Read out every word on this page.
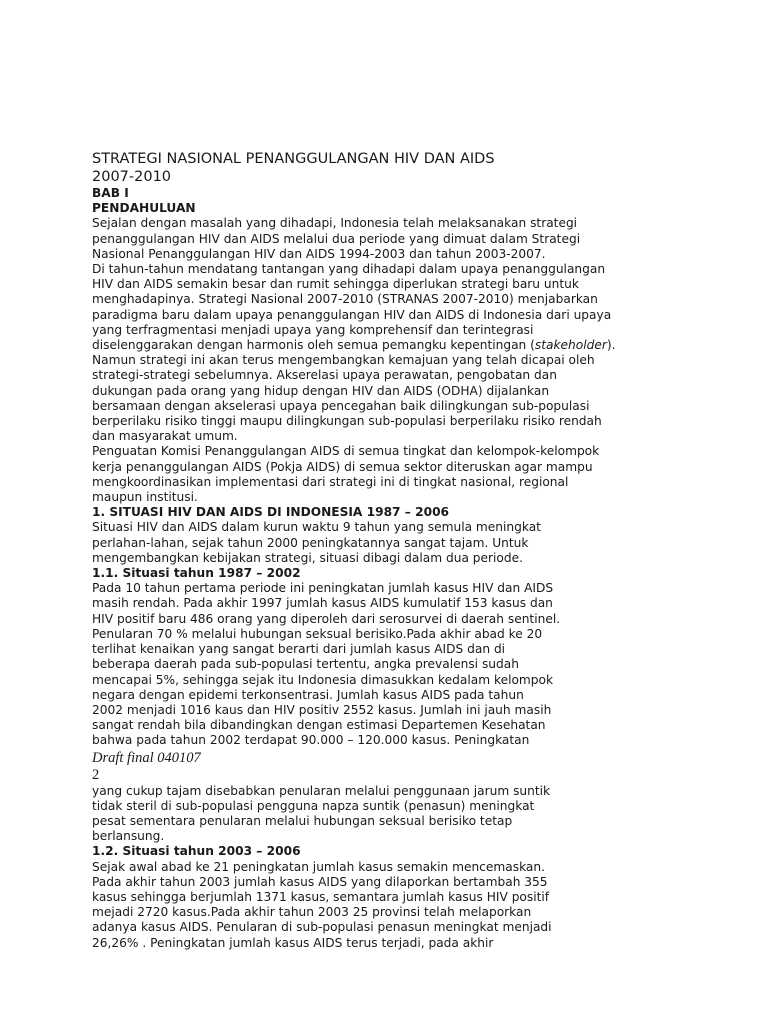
STRATEGI NASIONAL PENANGGULANGAN HIV DAN AIDS
2007-2010
BAB I
PENDAHULUAN
Sejalan dengan masalah yang dihadapi, Indonesia telah melaksanakan strategi
penanggulangan HIV dan AIDS melalui dua periode yang dimuat dalam Strategi
Nasional Penanggulangan HIV dan AIDS 1994-2003 dan tahun 2003-2007.
Di tahun-tahun mendatang tantangan yang dihadapi dalam upaya penanggulangan
HIV dan AIDS semakin besar dan rumit sehingga diperlukan strategi baru untuk
menghadapinya. Strategi Nasional 2007-2010 (STRANAS 2007-2010) menjabarkan
paradigma baru dalam upaya penanggulangan HIV dan AIDS di Indonesia dari upaya
yang terfragmentasi menjadi upaya yang komprehensif dan terintegrasi
diselenggarakan dengan harmonis oleh semua pemangku kepentingan (stakeholder).
Namun strategi ini akan terus mengembangkan kemajuan yang telah dicapai oleh
strategi-strategi sebelumnya. Akserelasi upaya perawatan, pengobatan dan
dukungan pada orang yang hidup dengan HIV dan AIDS (ODHA) dijalankan
bersamaan dengan akselerasi upaya pencegahan baik dilingkungan sub-populasi
berperilaku risiko tinggi maupu dilingkungan sub-populasi berperilaku risiko rendah
dan masyarakat umum.
Penguatan Komisi Penanggulangan AIDS di semua tingkat dan kelompok-kelompok
kerja penanggulangan AIDS (Pokja AIDS) di semua sektor diteruskan agar mampu
mengkoordinasikan implementasi dari strategi ini di tingkat nasional, regional
maupun institusi.
1. SITUASI HIV DAN AIDS DI INDONESIA 1987 – 2006
Situasi HIV dan AIDS dalam kurun waktu 9 tahun yang semula meningkat
perlahan-lahan, sejak tahun 2000 peningkatannya sangat tajam. Untuk
mengembangkan kebijakan strategi, situasi dibagi dalam dua periode.
1.1. Situasi tahun 1987 – 2002
Pada 10 tahun pertama periode ini peningkatan jumlah kasus HIV dan AIDS
masih rendah. Pada akhir 1997 jumlah kasus AIDS kumulatif 153 kasus dan
HIV positif baru 486 orang yang diperoleh dari serosurvei di daerah sentinel.
Penularan 70 % melalui hubungan seksual berisiko.Pada akhir abad ke 20
terlihat kenaikan yang sangat berarti dari jumlah kasus AIDS dan di
beberapa daerah pada sub-populasi tertentu, angka prevalensi sudah
mencapai 5%, sehingga sejak itu Indonesia dimasukkan kedalam kelompok
negara dengan epidemi terkonsentrasi. Jumlah kasus AIDS pada tahun
2002 menjadi 1016 kaus dan HIV positiv 2552 kasus. Jumlah ini jauh masih
sangat rendah bila dibandingkan dengan estimasi Departemen Kesehatan
bahwa pada tahun 2002 terdapat 90.000 – 120.000 kasus. Peningkatan
Draft final 040107
2
yang cukup tajam disebabkan penularan melalui penggunaan jarum suntik
tidak steril di sub-populasi pengguna napza suntik (penasun) meningkat
pesat sementara penularan melalui hubungan seksual berisiko tetap
berlansung.
1.2. Situasi tahun 2003 – 2006
Sejak awal abad ke 21 peningkatan jumlah kasus semakin mencemaskan.
Pada akhir tahun 2003 jumlah kasus AIDS yang dilaporkan bertambah 355
kasus sehingga berjumlah 1371 kasus, semantara jumlah kasus HIV positif
mejadi 2720 kasus.Pada akhir tahun 2003 25 provinsi telah melaporkan
adanya kasus AIDS. Penularan di sub-populasi penasun meningkat menjadi
26,26% . Peningkatan jumlah kasus AIDS terus terjadi, pada akhir
